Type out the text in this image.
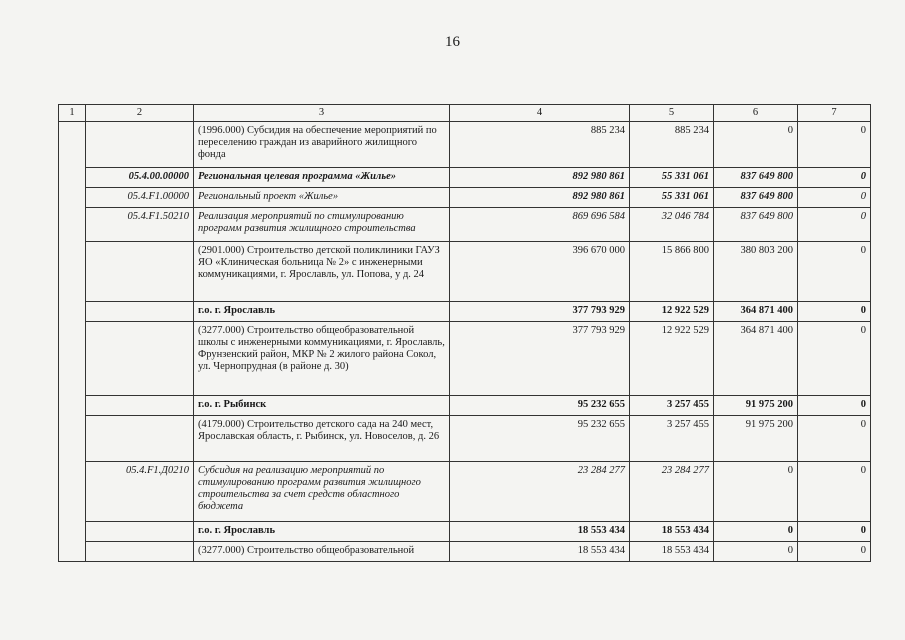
16
1	2	3	4	5	6	7
		(1996.000) Субсидия на обеспечение мероприятий по переселению граждан из аварийного жилищного фонда	885 234	885 234	0	0
	05.4.00.00000	Региональная целевая программа «Жилье»	892 980 861	55 331 061	837 649 800	0
	05.4.F1.00000	Региональный проект «Жилье»	892 980 861	55 331 061	837 649 800	0
	05.4.F1.50210	Реализация мероприятий по стимулированию программ развития жилищного строительства	869 696 584	32 046 784	837 649 800	0
		(2901.000) Строительство детской поликлиники ГАУЗ ЯО «Клиническая больница № 2» с инженерными коммуникациями, г. Ярославль, ул. Попова, у д. 24	396 670 000	15 866 800	380 803 200	0
		г.о. г. Ярославль	377 793 929	12 922 529	364 871 400	0
		(3277.000) Строительство общеобразовательной школы с инженерными коммуникациями, г. Ярославль, Фрунзенский район, МКР № 2 жилого района Сокол, ул. Чернопрудная (в районе д. 30)	377 793 929	12 922 529	364 871 400	0
		г.о. г. Рыбинск	95 232 655	3 257 455	91 975 200	0
		(4179.000) Строительство детского сада на 240 мест, Ярославская область, г. Рыбинск, ул. Новоселов, д. 26	95 232 655	3 257 455	91 975 200	0
	05.4.F1.Д0210	Субсидия на реализацию мероприятий по стимулированию программ развития жилищного строительства за счет средств областного бюджета	23 284 277	23 284 277	0	0
		г.о. г. Ярославль	18 553 434	18 553 434	0	0
		(3277.000) Строительство общеобразовательной	18 553 434	18 553 434	0	0
